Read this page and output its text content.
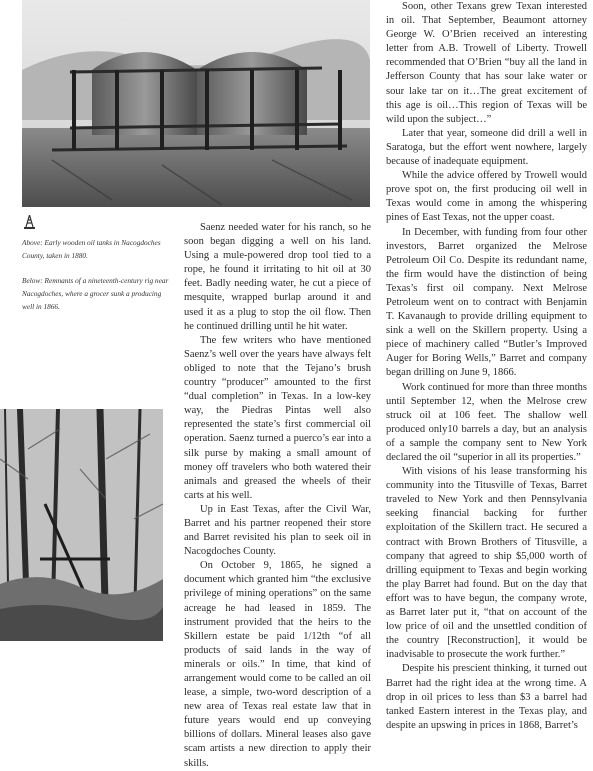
Above: Early wooden oil tanks in Nacogdoches County, taken in 1880.

Below: Remnants of a nineteenth-century rig near Nacogdoches, where a grocer sunk a producing well in 1866.

Saenz needed water for his ranch, so he soon began digging a well on his land. Using a mule-powered drop tool tied to a rope, he found it irritating to hit oil at 30 feet. Badly needing water, he cut a piece of mesquite, wrapped burlap around it and used it as a plug to stop the oil flow. Then he continued drilling until he hit water.

The few writers who have mentioned Saenz’s well over the years have always felt obliged to note that the Tejano’s brush country “producer” amounted to the first “dual completion” in Texas. In a low-key way, the Piedras Pintas well also represented the state’s first commercial oil operation. Saenz turned a puerco’s ear into a silk purse by making a small amount of money off travelers who both watered their animals and greased the wheels of their carts at his well.

Up in East Texas, after the Civil War, Barret and his partner reopened their store and Barret revisited his plan to seek oil in Nacogdoches County.

On October 9, 1865, he signed a document which granted him “the exclusive privilege of mining operations” on the same acreage he had leased in 1859. The instrument provided that the heirs to the Skillern estate be paid 1/12th “of all products of said lands in the way of minerals or oils.” In time, that kind of arrangement would come to be called an oil lease, a simple, two-word description of a new area of Texas real estate law that in future years would end up conveying billions of dollars. Mineral leases also gave scam artists a new direction to apply their skills.

Soon, other Texans grew Texan interested in oil. That September, Beaumont attorney George W. O’Brien received an interesting letter from A.B. Trowell of Liberty. Trowell recommended that O’Brien “buy all the land in Jefferson County that has sour lake water or sour lake tar on it…The great excitement of this age is oil…This region of Texas will be wild upon the subject…”

Later that year, someone did drill a well in Saratoga, but the effort went nowhere, largely because of inadequate equipment.

While the advice offered by Trowell would prove spot on, the first producing oil well in Texas would come in among the whispering pines of East Texas, not the upper coast.

In December, with funding from four other investors, Barret organized the Melrose Petroleum Oil Co. Despite its redundant name, the firm would have the distinction of being Texas’s first oil company. Next Melrose Petroleum went on to contract with Benjamin T. Kavanaugh to provide drilling equipment to sink a well on the Skillern property. Using a piece of machinery called “Butler’s Improved Auger for Boring Wells,” Barret and company began drilling on June 9, 1866.

Work continued for more than three months until September 12, when the Melrose crew struck oil at 106 feet. The shallow well produced only10 barrels a day, but an analysis of a sample the company sent to New York declared the oil “superior in all its properties.”

With visions of his lease transforming his community into the Titusville of Texas, Barret traveled to New York and then Pennsylvania seeking financial backing for further exploitation of the Skillern tract. He secured a contract with Brown Brothers of Titusville, a company that agreed to ship $5,000 worth of drilling equipment to Texas and begin working the play Barret had found. But on the day that effort was to have begun, the company wrote, as Barret later put it, “that on account of the low price of oil and the unsettled condition of the country [Reconstruction], it would be inadvisable to prosecute the work further.”

Despite his prescient thinking, it turned out Barret had the right idea at the wrong time. A drop in oil prices to less than $3 a barrel had tanked Eastern interest in the Texas play, and despite an upswing in prices in 1868, Barret’s
